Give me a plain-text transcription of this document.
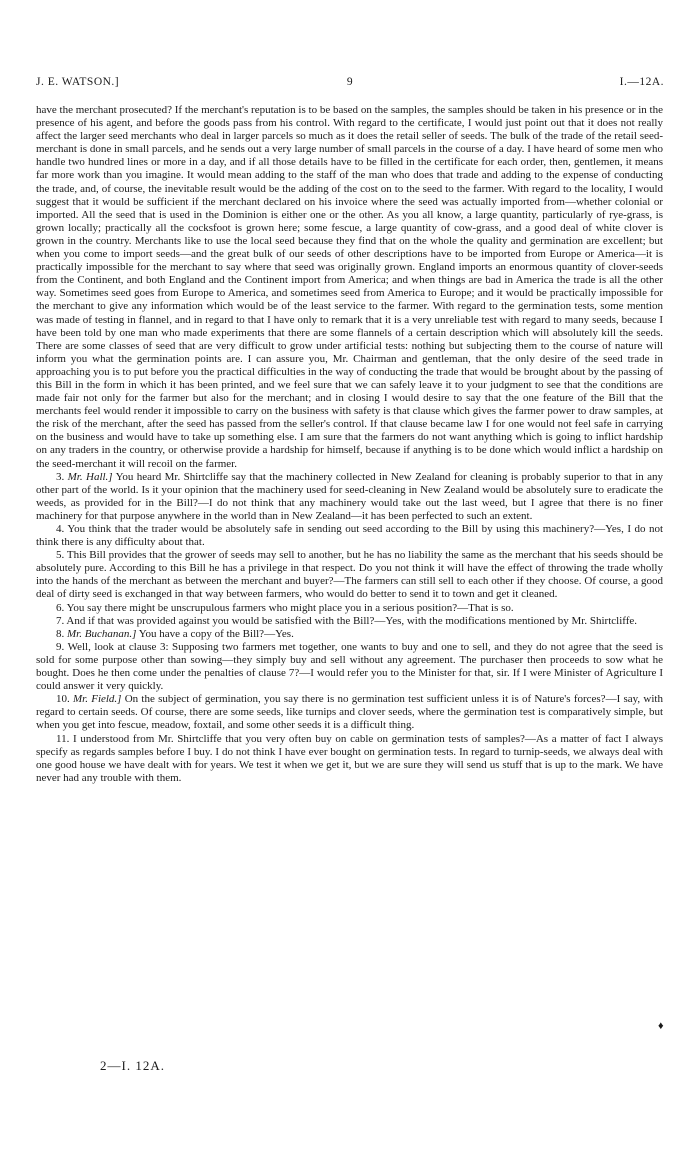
J. E. WATSON.]	9	I.—12A.

have the merchant prosecuted? If the merchant's reputation is to be based on the samples, the samples should be taken in his presence or in the presence of his agent, and before the goods pass from his control. With regard to the certificate, I would just point out that it does not really affect the larger seed merchants who deal in larger parcels so much as it does the retail seller of seeds. The bulk of the trade of the retail seed-merchant is done in small parcels, and he sends out a very large number of small parcels in the course of a day. I have heard of some men who handle two hundred lines or more in a day, and if all those details have to be filled in the certificate for each order, then, gentlemen, it means far more work than you imagine. It would mean adding to the staff of the man who does that trade and adding to the expense of conducting the trade, and, of course, the inevitable result would be the adding of the cost on to the seed to the farmer. With regard to the locality, I would suggest that it would be sufficient if the merchant declared on his invoice where the seed was actually imported from—whether colonial or imported. All the seed that is used in the Dominion is either one or the other. As you all know, a large quantity, particularly of rye-grass, is grown locally; practically all the cocksfoot is grown here; some fescue, a large quantity of cow-grass, and a good deal of white clover is grown in the country. Merchants like to use the local seed because they find that on the whole the quality and germination are excellent; but when you come to import seeds—and the great bulk of our seeds of other descriptions have to be imported from Europe or America—it is practically impossible for the merchant to say where that seed was originally grown. England imports an enormous quantity of clover-seeds from the Continent, and both England and the Continent import from America; and when things are bad in America the trade is all the other way. Sometimes seed goes from Europe to America, and sometimes seed from America to Europe; and it would be practically impossible for the merchant to give any information which would be of the least service to the farmer. With regard to the germination tests, some mention was made of testing in flannel, and in regard to that I have only to remark that it is a very unreliable test with regard to many seeds, because I have been told by one man who made experiments that there are some flannels of a certain description which will absolutely kill the seeds. There are some classes of seed that are very difficult to grow under artificial tests: nothing but subjecting them to the course of nature will inform you what the germination points are. I can assure you, Mr. Chairman and gentleman, that the only desire of the seed trade in approaching you is to put before you the practical difficulties in the way of conducting the trade that would be brought about by the passing of this Bill in the form in which it has been printed, and we feel sure that we can safely leave it to your judgment to see that the conditions are made fair not only for the farmer but also for the merchant; and in closing I would desire to say that the one feature of the Bill that the merchants feel would render it impossible to carry on the business with safety is that clause which gives the farmer power to draw samples, at the risk of the merchant, after the seed has passed from the seller's control. If that clause became law I for one would not feel safe in carrying on the business and would have to take up something else. I am sure that the farmers do not want anything which is going to inflict hardship on any traders in the country, or otherwise provide a hardship for himself, because if anything is to be done which would inflict a hardship on the seed-merchant it will recoil on the farmer.

3. Mr. Hall.] You heard Mr. Shirtcliffe say that the machinery collected in New Zealand for cleaning is probably superior to that in any other part of the world. Is it your opinion that the machinery used for seed-cleaning in New Zealand would be absolutely sure to eradicate the weeds, as provided for in the Bill?—I do not think that any machinery would take out the last weed, but I agree that there is no finer machinery for that purpose anywhere in the world than in New Zealand—it has been perfected to such an extent.

4. You think that the trader would be absolutely safe in sending out seed according to the Bill by using this machinery?—Yes, I do not think there is any difficulty about that.

5. This Bill provides that the grower of seeds may sell to another, but he has no liability the same as the merchant that his seeds should be absolutely pure. According to this Bill he has a privilege in that respect. Do you not think it will have the effect of throwing the trade wholly into the hands of the merchant as between the merchant and buyer?—The farmers can still sell to each other if they choose. Of course, a good deal of dirty seed is exchanged in that way between farmers, who would do better to send it to town and get it cleaned.

6. You say there might be unscrupulous farmers who might place you in a serious position?—That is so.

7. And if that was provided against you would be satisfied with the Bill?—Yes, with the modifications mentioned by Mr. Shirtcliffe.

8. Mr. Buchanan.] You have a copy of the Bill?—Yes.

9. Well, look at clause 3: Supposing two farmers met together, one wants to buy and one to sell, and they do not agree that the seed is sold for some purpose other than sowing—they simply buy and sell without any agreement. The purchaser then proceeds to sow what he bought. Does he then come under the penalties of clause 7?—I would refer you to the Minister for that, sir. If I were Minister of Agriculture I could answer it very quickly.

10. Mr. Field.] On the subject of germination, you say there is no germination test sufficient unless it is of Nature's forces?—I say, with regard to certain seeds. Of course, there are some seeds, like turnips and clover seeds, where the germination test is comparatively simple, but when you get into fescue, meadow, foxtail, and some other seeds it is a difficult thing.

11. I understood from Mr. Shirtcliffe that you very often buy on cable on germination tests of samples?—As a matter of fact I always specify as regards samples before I buy. I do not think I have ever bought on germination tests. In regard to turnip-seeds, we always deal with one good house we have dealt with for years. We test it when we get it, but we are sure they will send us stuff that is up to the mark. We have never had any trouble with them.

2—I. 12A.
♦
